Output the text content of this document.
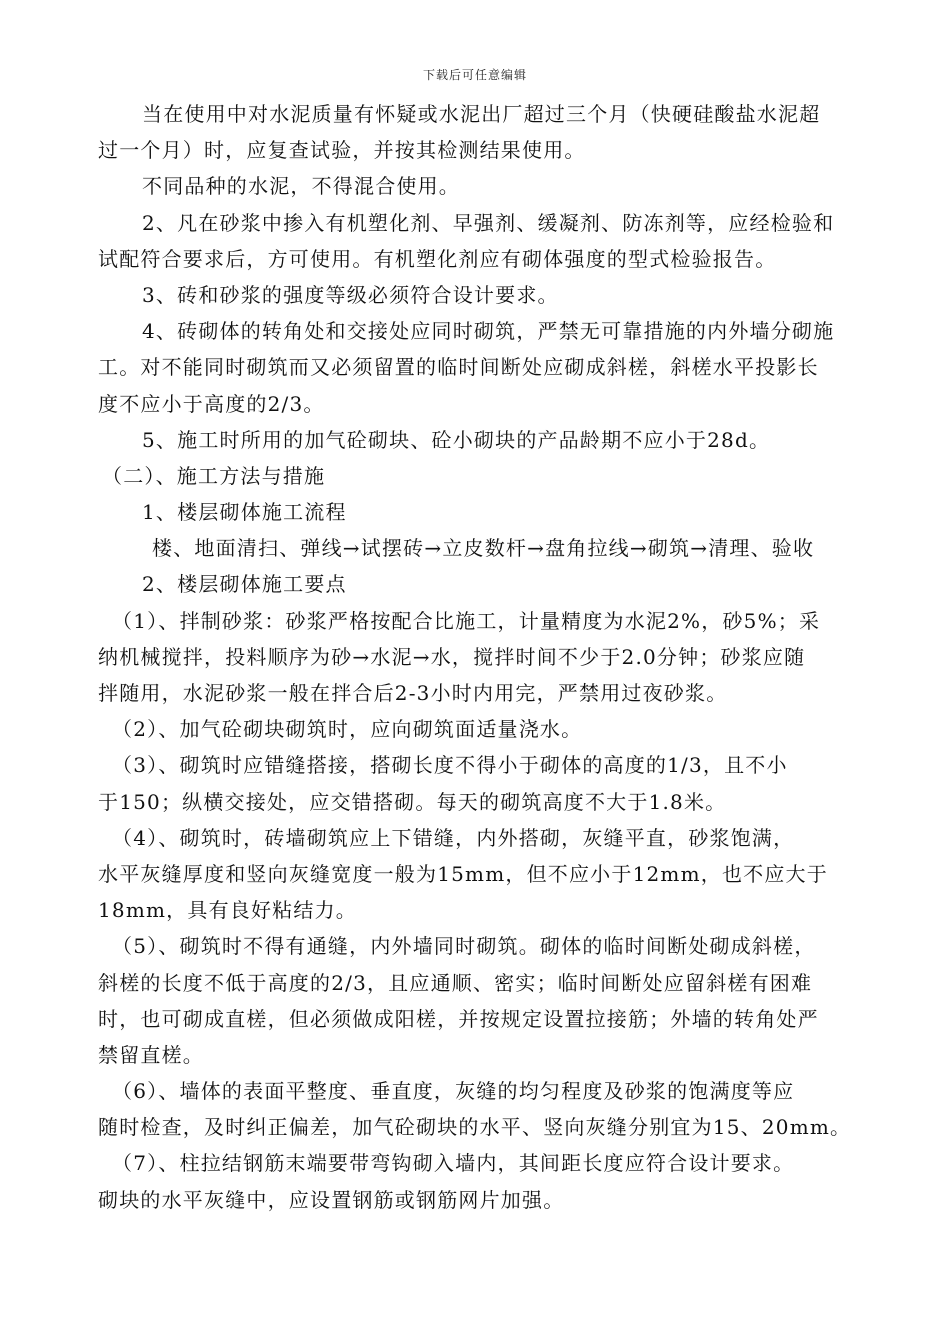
下载后可任意编辑
当在使用中对水泥质量有怀疑或水泥出厂超过三个月（快硬硅酸盐水泥超
过一个月）时，应复查试验，并按其检测结果使用。
不同品种的水泥，不得混合使用。
2、凡在砂浆中掺入有机塑化剂、早强剂、缓凝剂、防冻剂等，应经检验和
试配符合要求后，方可使用。有机塑化剂应有砌体强度的型式检验报告。
3、砖和砂浆的强度等级必须符合设计要求。
4、砖砌体的转角处和交接处应同时砌筑，严禁无可靠措施的内外墙分砌施
工。对不能同时砌筑而又必须留置的临时间断处应砌成斜槎，斜槎水平投影长
度不应小于高度的2/3。
5、施工时所用的加气砼砌块、砼小砌块的产品龄期不应小于28d。
（二）、施工方法与措施
1、楼层砌体施工流程
楼、地面清扫、弹线→试摆砖→立皮数杆→盘角拉线→砌筑→清理、验收
2、楼层砌体施工要点
（1）、拌制砂浆：砂浆严格按配合比施工，计量精度为水泥2%，砂5%；采
纳机械搅拌，投料顺序为砂→水泥→水，搅拌时间不少于2.0分钟；砂浆应随
拌随用，水泥砂浆一般在拌合后2-3小时内用完，严禁用过夜砂浆。
（2）、加气砼砌块砌筑时，应向砌筑面适量浇水。
（3）、砌筑时应错缝搭接，搭砌长度不得小于砌体的高度的1/3，且不小
于150；纵横交接处，应交错搭砌。每天的砌筑高度不大于1.8米。
（4）、砌筑时，砖墙砌筑应上下错缝，内外搭砌，灰缝平直，砂浆饱满，
水平灰缝厚度和竖向灰缝宽度一般为15mm，但不应小于12mm，也不应大于
18mm，具有良好粘结力。
（5）、砌筑时不得有通缝，内外墙同时砌筑。砌体的临时间断处砌成斜槎，
斜槎的长度不低于高度的2/3，且应通顺、密实；临时间断处应留斜槎有困难
时，也可砌成直槎，但必须做成阳槎，并按规定设置拉接筋；外墙的转角处严
禁留直槎。
（6）、墙体的表面平整度、垂直度，灰缝的均匀程度及砂浆的饱满度等应
随时检查，及时纠正偏差，加气砼砌块的水平、竖向灰缝分别宜为15、20mm。
（7）、柱拉结钢筋末端要带弯钩砌入墙内，其间距长度应符合设计要求。
砌块的水平灰缝中，应设置钢筋或钢筋网片加强。
